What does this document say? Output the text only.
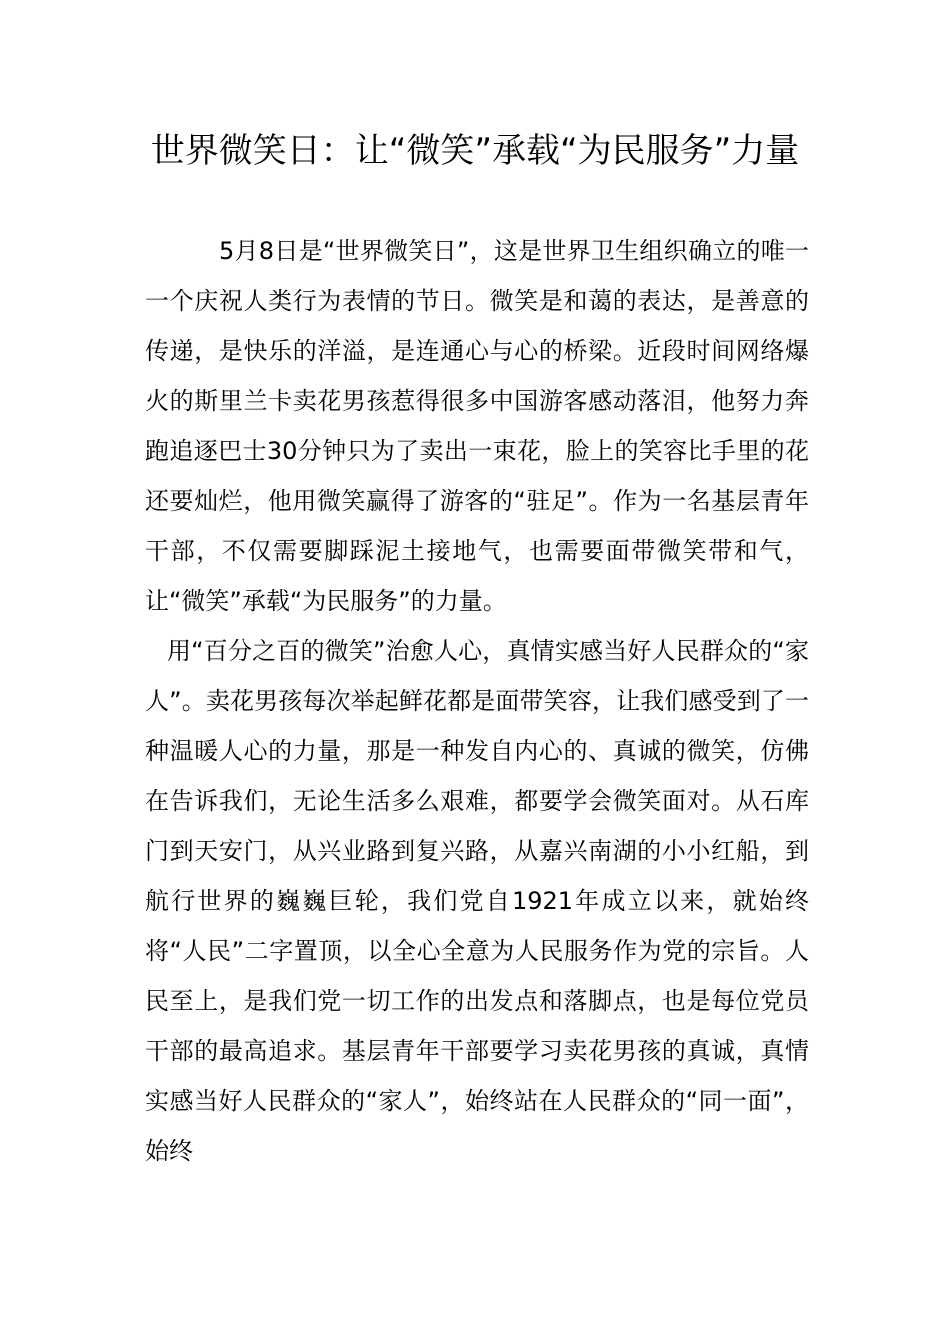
世界微笑日：让“微笑”承载“为民服务”力量

5月8日是“世界微笑日”，这是世界卫生组织确立的唯一一个庆祝人类行为表情的节日。微笑是和蔼的表达，是善意的传递，是快乐的洋溢，是连通心与心的桥梁。近段时间网络爆火的斯里兰卡卖花男孩惹得很多中国游客感动落泪，他努力奔跑追逐巴士30分钟只为了卖出一束花，脸上的笑容比手里的花还要灿烂，他用微笑赢得了游客的“驻足”。作为一名基层青年干部，不仅需要脚踩泥土接地气，也需要面带微笑带和气，让“微笑”承载“为民服务”的力量。

用“百分之百的微笑”治愈人心，真情实感当好人民群众的“家人”。卖花男孩每次举起鲜花都是面带笑容，让我们感受到了一种温暖人心的力量，那是一种发自内心的、真诚的微笑，仿佛在告诉我们，无论生活多么艰难，都要学会微笑面对。从石库门到天安门，从兴业路到复兴路，从嘉兴南湖的小小红船，到航行世界的巍巍巨轮，我们党自1921年成立以来，就始终将“人民”二字置顶，以全心全意为人民服务作为党的宗旨。人民至上，是我们党一切工作的出发点和落脚点，也是每位党员干部的最高追求。基层青年干部要学习卖花男孩的真诚，真情实感当好人民群众的“家人”，始终站在人民群众的“同一面”，始终
